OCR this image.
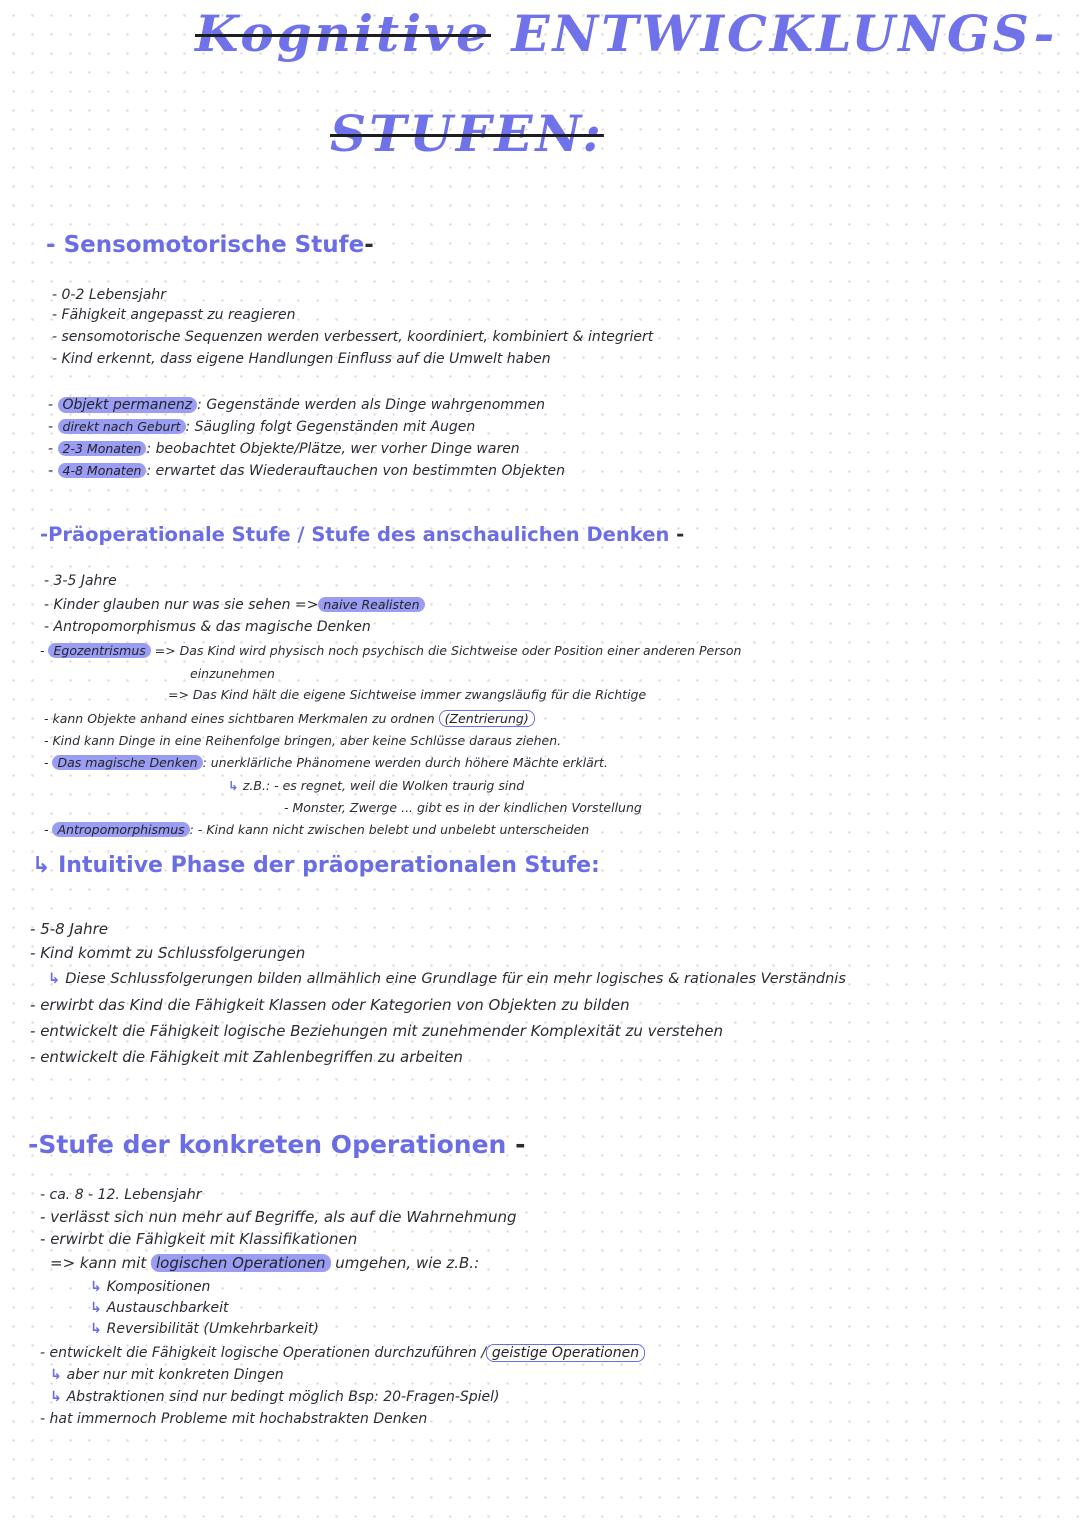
Kognitive ENTWICKLUNGS-
STUFEN:
- Sensomotorische Stufe-

- 0-2 Lebensjahr

- Fähigkeit angepasst zu reagieren

- sensomotorische Sequenzen werden verbessert, koordiniert, kombiniert & integriert

- Kind erkennt, dass eigene Handlungen Einfluss auf die Umwelt haben

- Objekt permanenz : Gegenstände werden als Dinge wahrgenommen

- direkt nach Geburt : Säugling folgt Gegenständen mit Augen

- 2-3 Monaten : beobachtet Objekte/Plätze, wer vorher Dinge waren

- 4-8 Monaten : erwartet das Wiederauftauchen von bestimmten Objekten

-Präoperationale Stufe / Stufe des anschaulichen Denken -

- 3-5 Jahre

- Kinder glauben nur was sie sehen => naive Realisten

- Antropomorphismus & das magische Denken

- Egozentrismus => Das Kind wird physisch noch psychisch die Sichtweise oder Position einer anderen Person

einzunehmen

=> Das Kind hält die eigene Sichtweise immer zwangsläufig für die Richtige

- kann Objekte anhand eines sichtbaren Merkmalen zu ordnen (Zentrierung)

- Kind kann Dinge in eine Reihenfolge bringen, aber keine Schlüsse daraus ziehen.

- Das magische Denken : unerklärliche Phänomene werden durch höhere Mächte erklärt.

↳ z.B.: - es regnet, weil die Wolken traurig sind

- Monster, Zwerge ... gibt es in der kindlichen Vorstellung

- Antropomorphismus : - Kind kann nicht zwischen belebt und unbelebt unterscheiden

↳ Intuitive Phase der präoperationalen Stufe:

- 5-8 Jahre

- Kind kommt zu Schlussfolgerungen

↳ Diese Schlussfolgerungen bilden allmählich eine Grundlage für ein mehr logisches & rationales Verständnis

- erwirbt das Kind die Fähigkeit Klassen oder Kategorien von Objekten zu bilden

- entwickelt die Fähigkeit logische Beziehungen mit zunehmender Komplexität zu verstehen

- entwickelt die Fähigkeit mit Zahlenbegriffen zu arbeiten

-Stufe der konkreten Operationen -

- ca. 8 - 12. Lebensjahr

- verlässt sich nun mehr auf Begriffe, als auf die Wahrnehmung

- erwirbt die Fähigkeit mit Klassifikationen

=> kann mit logischen Operationen umgehen, wie z.B.:

↳ Kompositionen

↳ Austauschbarkeit

↳ Reversibilität (Umkehrbarkeit)

- entwickelt die Fähigkeit logische Operationen durchzuführen / geistige Operationen

↳ aber nur mit konkreten Dingen

↳ Abstraktionen sind nur bedingt möglich Bsp: 20-Fragen-Spiel)

- hat immernoch Probleme mit hochabstrakten Denken
